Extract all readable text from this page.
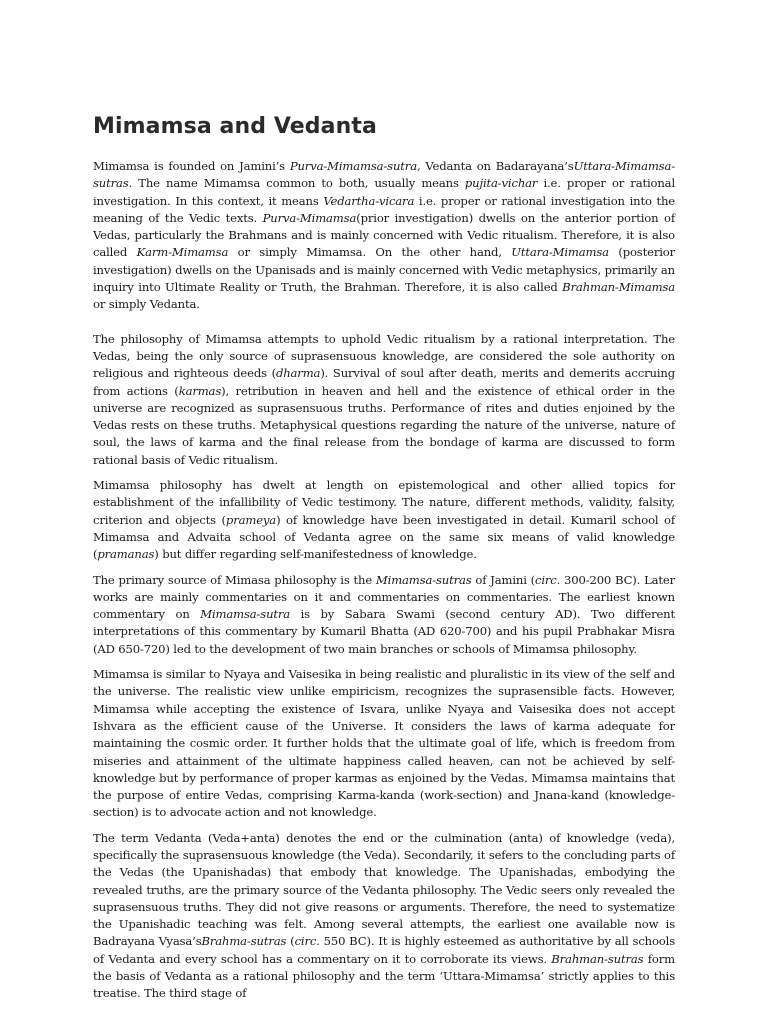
Mimamsa and Vedanta

Mimamsa is founded on Jamini’s Purva-Mimamsa-sutra, Vedanta on Badarayana’sUttara-Mimamsa-sutras. The name Mimamsa common to both, usually means pujita-vichar i.e. proper or rational investigation. In this context, it means Vedartha-vicara i.e. proper or rational investigation into the meaning of the Vedic texts. Purva-Mimamsa(prior investigation) dwells on the anterior portion of Vedas, particularly the Brahmans and is mainly concerned with Vedic ritualism. Therefore, it is also called Karm-Mimamsa or simply Mimamsa. On the other hand, Uttara-Mimamsa (posterior investigation) dwells on the Upanisads and is mainly concerned with Vedic metaphysics, primarily an inquiry into Ultimate Reality or Truth, the Brahman. Therefore, it is also called Brahman-Mimamsa or simply Vedanta.

The philosophy of Mimamsa attempts to uphold Vedic ritualism by a rational interpretation. The Vedas, being the only source of suprasensuous knowledge, are considered the sole authority on religious and righteous deeds (dharma). Survival of soul after death, merits and demerits accruing from actions (karmas), retribution in heaven and hell and the existence of ethical order in the universe are recognized as suprasensuous truths. Performance of rites and duties enjoined by the Vedas rests on these truths. Metaphysical questions regarding the nature of the universe, nature of soul, the laws of karma and the final release from the bondage of karma are discussed to form rational basis of Vedic ritualism.

Mimamsa philosophy has dwelt at length on epistemological and other allied topics for establishment of the infallibility of Vedic testimony. The nature, different methods, validity, falsity, criterion and objects (prameya) of knowledge have been investigated in detail. Kumaril school of Mimamsa and Advaita school of Vedanta agree on the same six means of valid knowledge (pramanas) but differ regarding self-manifestedness of knowledge.

The primary source of Mimasa philosophy is the Mimamsa-sutras of Jamini (circ. 300-200 BC). Later works are mainly commentaries on it and commentaries on commentaries. The earliest known commentary on Mimamsa-sutra is by Sabara Swami (second century AD). Two different interpretations of this commentary by Kumaril Bhatta (AD 620-700) and his pupil Prabhakar Misra (AD 650-720) led to the development of two main branches or schools of Mimamsa philosophy.

Mimamsa is similar to Nyaya and Vaisesika in being realistic and pluralistic in its view of the self and the universe. The realistic view unlike empiricism, recognizes the suprasensible facts. However, Mimamsa while accepting the existence of Isvara, unlike Nyaya and Vaisesika does not accept Ishvara as the efficient cause of the Universe. It considers the laws of karma adequate for maintaining the cosmic order. It further holds that the ultimate goal of life, which is freedom from miseries and attainment of the ultimate happiness called heaven, can not be achieved by self-knowledge but by performance of proper karmas as enjoined by the Vedas. Mimamsa maintains that the purpose of entire Vedas, comprising Karma-kanda (work-section) and Jnana-kand (knowledge-section) is to advocate action and not knowledge.

The term Vedanta (Veda+anta) denotes the end or the culmination (anta) of knowledge (veda), specifically the suprasensuous knowledge (the Veda). Secondarily, it sefers to the concluding parts of the Vedas (the Upanishadas) that embody that knowledge. The Upanishadas, embodying the revealed truths, are the primary source of the Vedanta philosophy. The Vedic seers only revealed the suprasensuous truths. They did not give reasons or arguments. Therefore, the need to systematize the Upanishadic teaching was felt. Among several attempts, the earliest one available now is Badrayana Vyasa’sBrahma-sutras (circ. 550 BC). It is highly esteemed as authoritative by all schools of Vedanta and every school has a commentary on it to corroborate its views. Brahman-sutras form the basis of Vedanta as a rational philosophy and the term ‘Uttara-Mimamsa’ strictly applies to this treatise. The third stage of
